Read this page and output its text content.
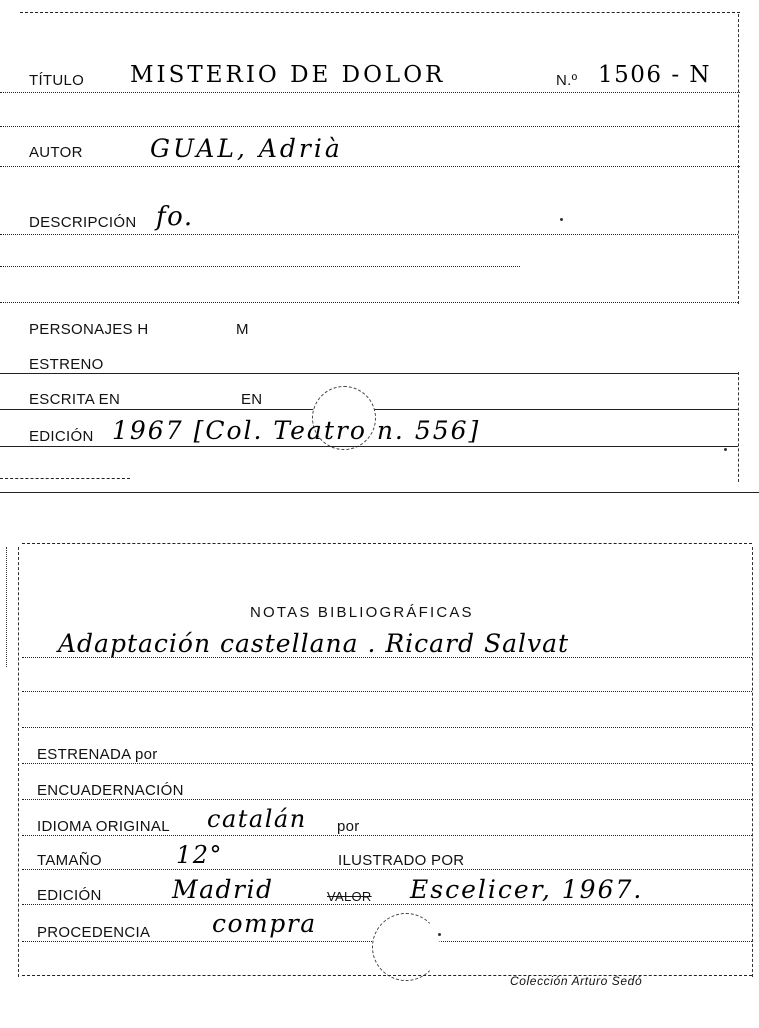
TÍTULO MISTERIO DE DOLOR	N.º 1506 - N
AUTOR	GUAL, Adrià
DESCRIPCIÓN fo.
PERSONAJES H	M
ESTRENO
ESCRITA EN	EN
EDICIÓN 1967 [Col. Teatro n. 556]
NOTAS BIBLIOGRÁFICAS
Adaptación castellana . Ricard Salvat
ESTRENADA por
ENCUADERNACIÓN
IDIOMA ORIGINAL catalán por
TAMAÑO	12°	ILUSTRADO POR
EDICIÓN	Madrid	VALOR Escelicer, 1967.
PROCEDENCIA compra
Colección Arturo Sedó
